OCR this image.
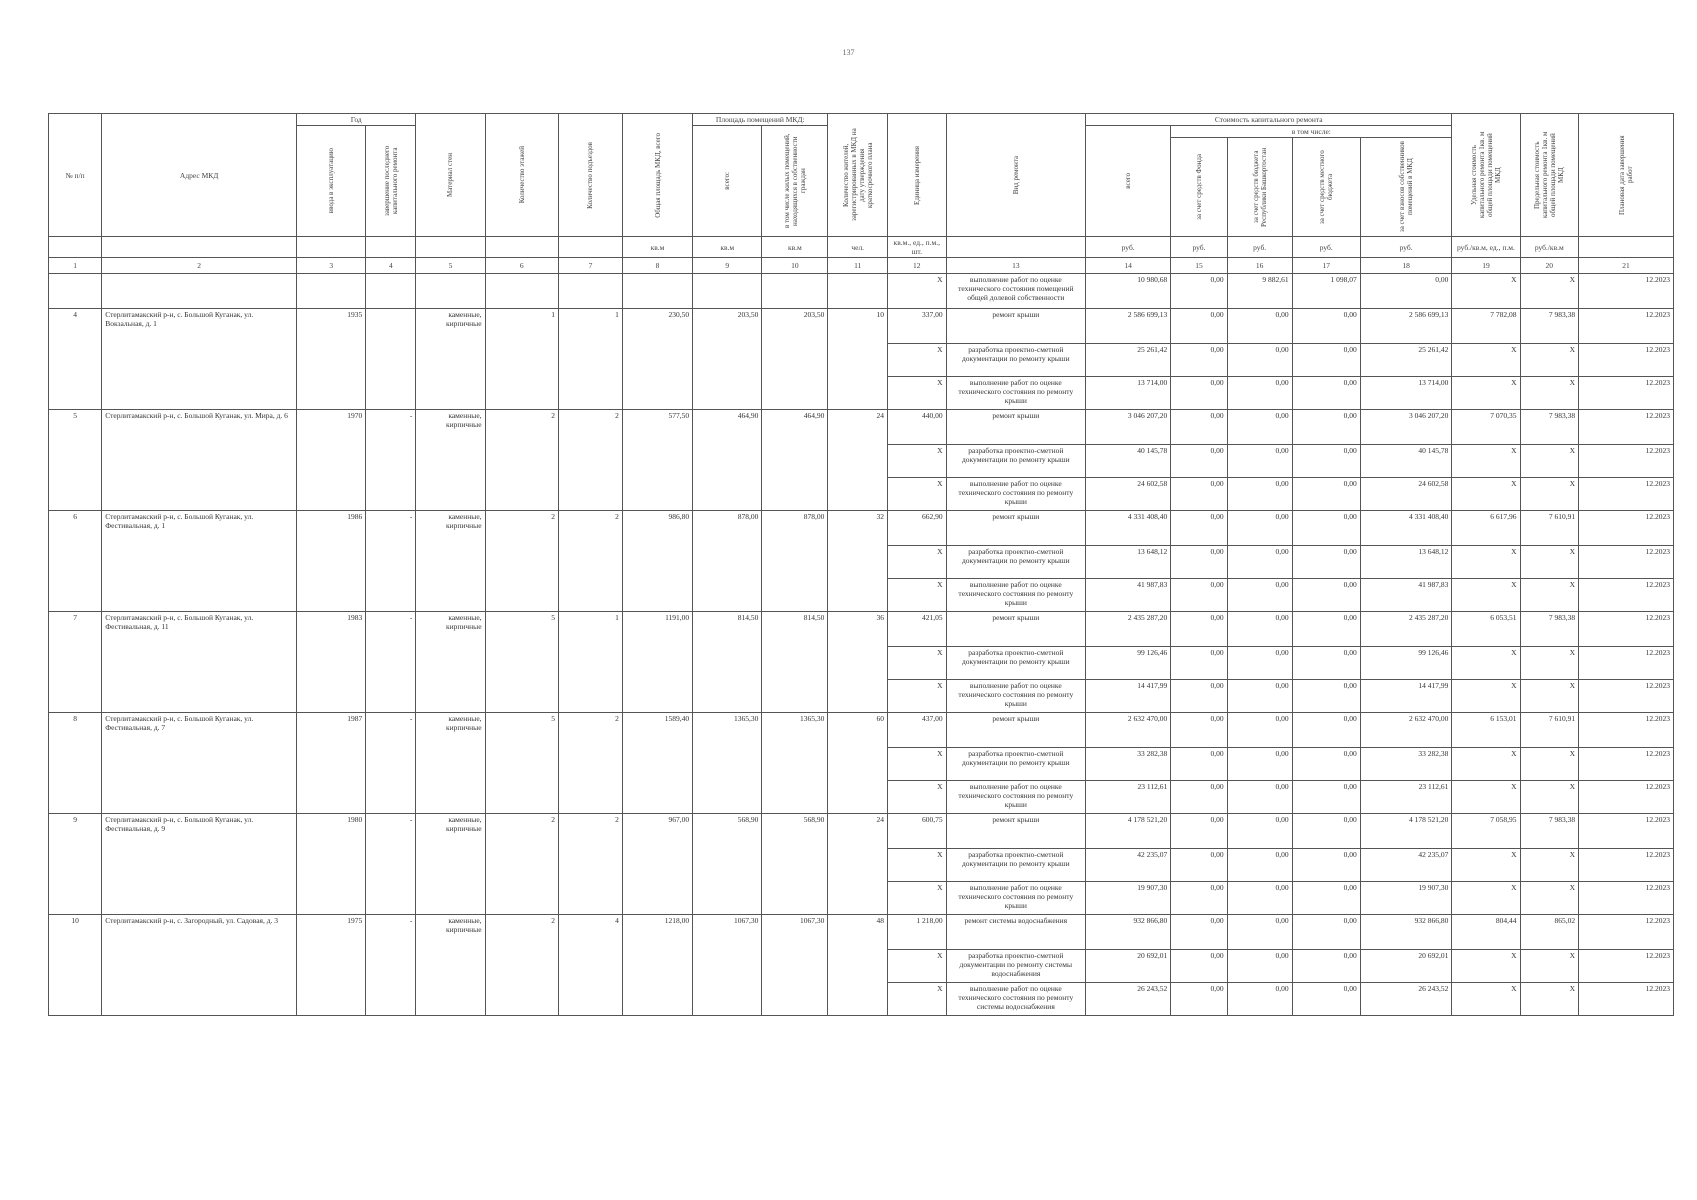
137
№ п/п	Адрес МКД	Год		Материал стен	Количество этажей	Количество подъездов	Общая площадь МКД, всего	Площадь помещений МКД:		Количество жителей, зарегистрированных в МКД на дату утверждения краткосрочного плана	Единица измерения	Вид ремонта	Стоимость капитального ремонта					Удельная стоимость капитального ремонта 1кв. м общей площади помещений МКД	Предельная стоимость капитального ремонта 1кв. м общей площади помещений МКД	Плановая дата завершения работ

		ввода в эксплуатацию	завершение последнего капитального ремонта					всего:	в том числе жилых помещений, находящихся в собственности граждан				всего	в том числе:						

														за счет средств Фонда	за счет средств бюджета Республики Башкортостан	за счет средств местного бюджета	за счет взносов собственников помещений в МКД			

							кв.м	кв.м	кв.м	чел.	кв.м., ед., п.м., шт.		руб.	руб.	руб.	руб.	руб.	руб./кв.м, ед., п.м.	руб./кв.м	
1	2	3	4	5	6	7	8	9	10	11	12	13	14	15	16	17	18	19	20	21
											X	выполнение работ по оценке технического состояния помещений общей долевой собственности	10 980,68	0,00	9 882,61	1 098,07	0,00	X	X	12.2023
4	Стерлитамакский р-н, с. Большой Куганак, ул. Вокзальная, д. 1	1935		каменные, кирпичные	1	1	230,50	203,50	203,50	10	337,00	ремонт крыши	2 586 699,13	0,00	0,00	0,00	2 586 699,13	7 782,08	7 983,38	12.2023
											X	разработка проектно-сметной документации по ремонту крыши	25 261,42	0,00	0,00	0,00	25 261,42	X	X	12.2023
											X	выполнение работ по оценке технического состояния по ремонту крыши	13 714,00	0,00	0,00	0,00	13 714,00	X	X	12.2023
5	Стерлитамакский р-н, с. Большой Куганак, ул. Мира, д. 6	1970	-	каменные, кирпичные	2	2	577,50	464,90	464,90	24	440,00	ремонт крыши	3 046 207,20	0,00	0,00	0,00	3 046 207,20	7 070,35	7 983,38	12.2023
											X	разработка проектно-сметной документации по ремонту крыши	40 145,78	0,00	0,00	0,00	40 145,78	X	X	12.2023
											X	выполнение работ по оценке технического состояния по ремонту крыши	24 602,58	0,00	0,00	0,00	24 602,58	X	X	12.2023
6	Стерлитамакский р-н, с. Большой Куганак, ул. Фестивальная, д. 1	1986	-	каменные, кирпичные	2	2	986,80	878,00	878,00	32	662,90	ремонт крыши	4 331 408,40	0,00	0,00	0,00	4 331 408,40	6 617,96	7 610,91	12.2023
											X	разработка проектно-сметной документации по ремонту крыши	13 648,12	0,00	0,00	0,00	13 648,12	X	X	12.2023
											X	выполнение работ по оценке технического состояния по ремонту крыши	41 987,83	0,00	0,00	0,00	41 987,83	X	X	12.2023
7	Стерлитамакский р-н, с. Большой Куганак, ул. Фестивальная, д. 11	1983	-	каменные, кирпичные	5	1	1191,00	814,50	814,50	36	421,05	ремонт крыши	2 435 287,20	0,00	0,00	0,00	2 435 287,20	6 053,51	7 983,38	12.2023
											X	разработка проектно-сметной документации по ремонту крыши	99 126,46	0,00	0,00	0,00	99 126,46	X	X	12.2023
											X	выполнение работ по оценке технического состояния по ремонту крыши	14 417,99	0,00	0,00	0,00	14 417,99	X	X	12.2023
8	Стерлитамакский р-н, с. Большой Куганак, ул. Фестивальная, д. 7	1987	-	каменные, кирпичные	5	2	1589,40	1365,30	1365,30	60	437,00	ремонт крыши	2 632 470,00	0,00	0,00	0,00	2 632 470,00	6 153,01	7 610,91	12.2023
											X	разработка проектно-сметной документации по ремонту крыши	33 282,38	0,00	0,00	0,00	33 282,38	X	X	12.2023
											X	выполнение работ по оценке технического состояния по ремонту крыши	23 112,61	0,00	0,00	0,00	23 112,61	X	X	12.2023
9	Стерлитамакский р-н, с. Большой Куганак, ул. Фестивальная, д. 9	1980	-	каменные, кирпичные	2	2	967,00	568,90	568,90	24	600,75	ремонт крыши	4 178 521,20	0,00	0,00	0,00	4 178 521,20	7 058,95	7 983,38	12.2023
											X	разработка проектно-сметной документации по ремонту крыши	42 235,07	0,00	0,00	0,00	42 235,07	X	X	12.2023
											X	выполнение работ по оценке технического состояния по ремонту крыши	19 907,30	0,00	0,00	0,00	19 907,30	X	X	12.2023
10	Стерлитамакский р-н, с. Загородный, ул. Садовая, д. 3	1975	-	каменные, кирпичные	2	4	1218,00	1067,30	1067,30	48	1 218,00	ремонт системы водоснабжения	932 866,80	0,00	0,00	0,00	932 866,80	804,44	865,02	12.2023
											X	разработка проектно-сметной документации по ремонту системы водоснабжения	20 692,01	0,00	0,00	0,00	20 692,01	X	X	12.2023
											X	выполнение работ по оценке технического состояния по ремонту системы водоснабжения	26 243,52	0,00	0,00	0,00	26 243,52	X	X	12.2023
